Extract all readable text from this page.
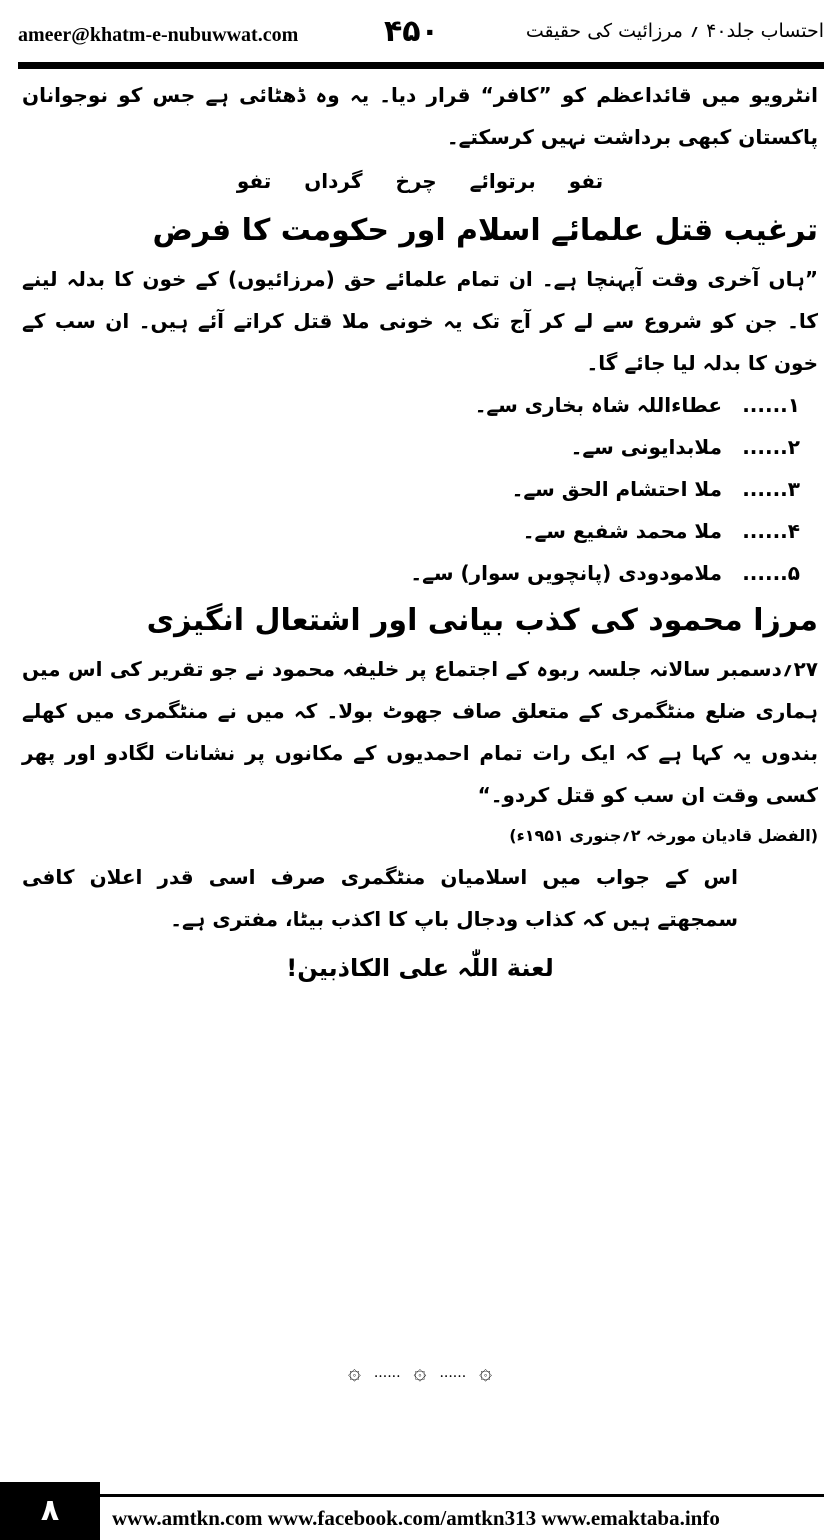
ameer@khatm-e-nubuwwat.com	۴۵۰	احتساب جلد۴۰ ؍ مرزائیت کی حقیقت

انٹرویو میں قائداعظم کو ”کافر“ قرار دیا۔ یہ وہ ڈھٹائی ہے جس کو نوجوانان پاکستان کبھی برداشت نہیں کرسکتے۔

تفو برتوائے چرخ گرداں تفو

ترغیب قتل علمائے اسلام اور حکومت کا فرض

”ہاں آخری وقت آپہنچا ہے۔ ان تمام علمائے حق (مرزائیوں) کے خون کا بدلہ لینے کا۔ جن کو شروع سے لے کر آج تک یہ خونی ملا قتل کراتے آئے ہیں۔ ان سب کے خون کا بدلہ لیا جائے گا۔

۱......
عطاءاللہ شاہ بخاری سے۔
۲......
ملابدایونی سے۔
۳......
ملا احتشام الحق سے۔
۴......
ملا محمد شفیع سے۔
۵......
ملامودودی (پانچویں سوار) سے۔
مرزا محمود کی کذب بیانی اور اشتعال انگیزی

۲۷؍دسمبر سالانہ جلسہ ربوہ کے اجتماع پر خلیفہ محمود نے جو تقریر کی اس میں ہماری ضلع منٹگمری کے متعلق صاف جھوٹ بولا۔ کہ میں نے منٹگمری میں کھلے بندوں یہ کہا ہے کہ ایک رات تمام احمدیوں کے مکانوں پر نشانات لگادو اور پھر کسی وقت ان سب کو قتل کردو۔“

(الفضل قادیان مورخہ ۲؍جنوری ۱۹۵۱ء)

اس کے جواب میں اسلامیان منٹگمری صرف اسی قدر اعلان کافی سمجھتے ہیں کہ کذاب ودجال باپ کا اکذب بیٹا، مفتری ہے۔

لعنة اللّٰہ علی الکاذبین!

۞ ...... ۞ ...... ۞
۸	www.amtkn.com www.facebook.com/amtkn313 www.emaktaba.info
